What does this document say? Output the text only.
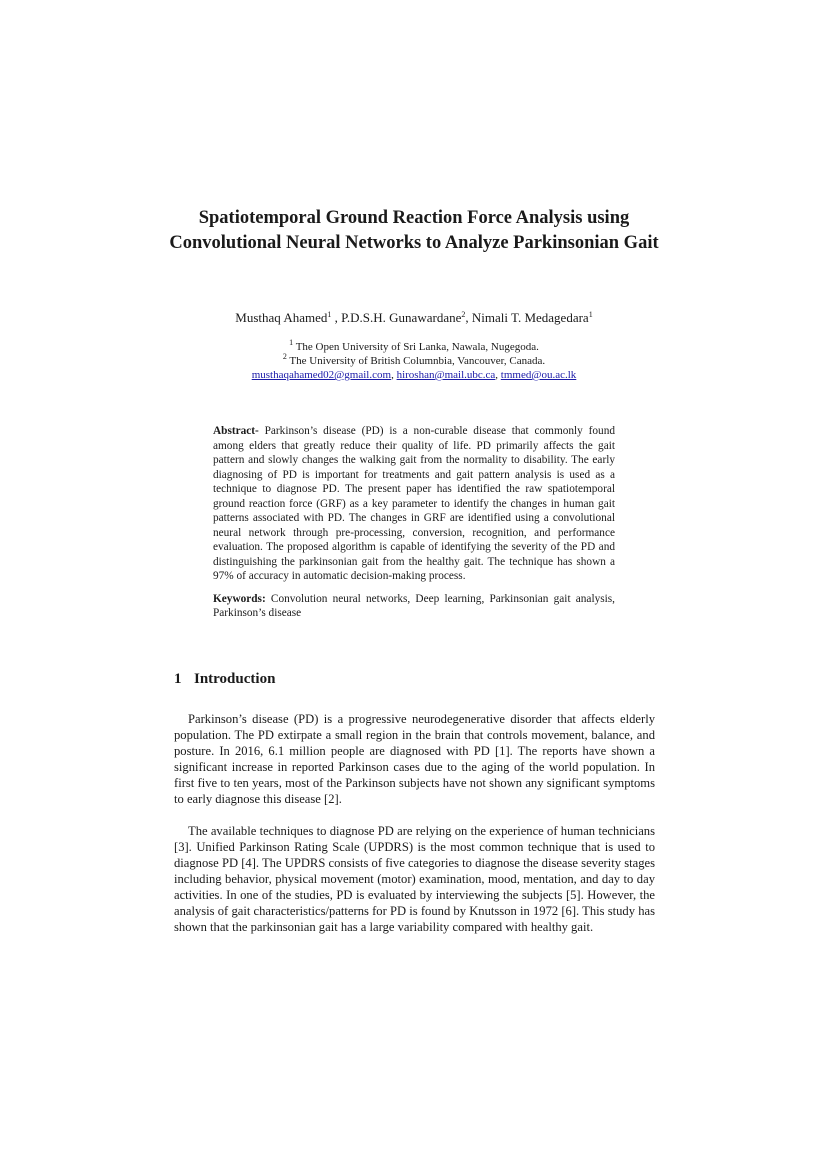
Spatiotemporal Ground Reaction Force Analysis using Convolutional Neural Networks to Analyze Parkinsonian Gait
Musthaq Ahamed$^1$ , P.D.S.H. Gunawardane$^2$, Nimali T. Medagedara$^1$
$^1$ The Open University of Sri Lanka, Nawala, Nugegoda.
$^2$ The University of British Columnbia, Vancouver, Canada.
musthaqahamed02@gmail.com, hiroshan@mail.ubc.ca, tmmed@ou.ac.lk

Abstract- Parkinson’s disease (PD) is a non-curable disease that commonly found among elders that greatly reduce their quality of life. PD primarily affects the gait pattern and slowly changes the walking gait from the normality to disability. The early diagnosing of PD is important for treatments and gait pattern analysis is used as a technique to diagnose PD. The present paper has identified the raw spatiotemporal ground reaction force (GRF) as a key parameter to identify the changes in human gait patterns associated with PD. The changes in GRF are identified using a convolutional neural network through pre-processing, conversion, recognition, and performance evaluation. The proposed algorithm is capable of identifying the severity of the PD and distinguishing the parkinsonian gait from the healthy gait. The technique has shown a 97% of accuracy in automatic decision-making process.

Keywords: Convolution neural networks, Deep learning, Parkinsonian gait analysis, Parkinson’s disease

1 Introduction

Parkinson’s disease (PD) is a progressive neurodegenerative disorder that affects elderly population. The PD extirpate a small region in the brain that controls movement, balance, and posture. In 2016, 6.1 million people are diagnosed with PD [1]. The reports have shown a significant increase in reported Parkinson cases due to the aging of the world population. In first five to ten years, most of the Parkinson subjects have not shown any significant symptoms to early diagnose this disease [2].

The available techniques to diagnose PD are relying on the experience of human technicians [3]. Unified Parkinson Rating Scale (UPDRS) is the most common technique that is used to diagnose PD [4]. The UPDRS consists of five categories to diagnose the disease severity stages including behavior, physical movement (motor) examination, mood, mentation, and day to day activities. In one of the studies, PD is evaluated by interviewing the subjects [5]. However, the analysis of gait characteristics/patterns for PD is found by Knutsson in 1972 [6]. This study has shown that the parkinsonian gait has a large variability compared with healthy gait.
